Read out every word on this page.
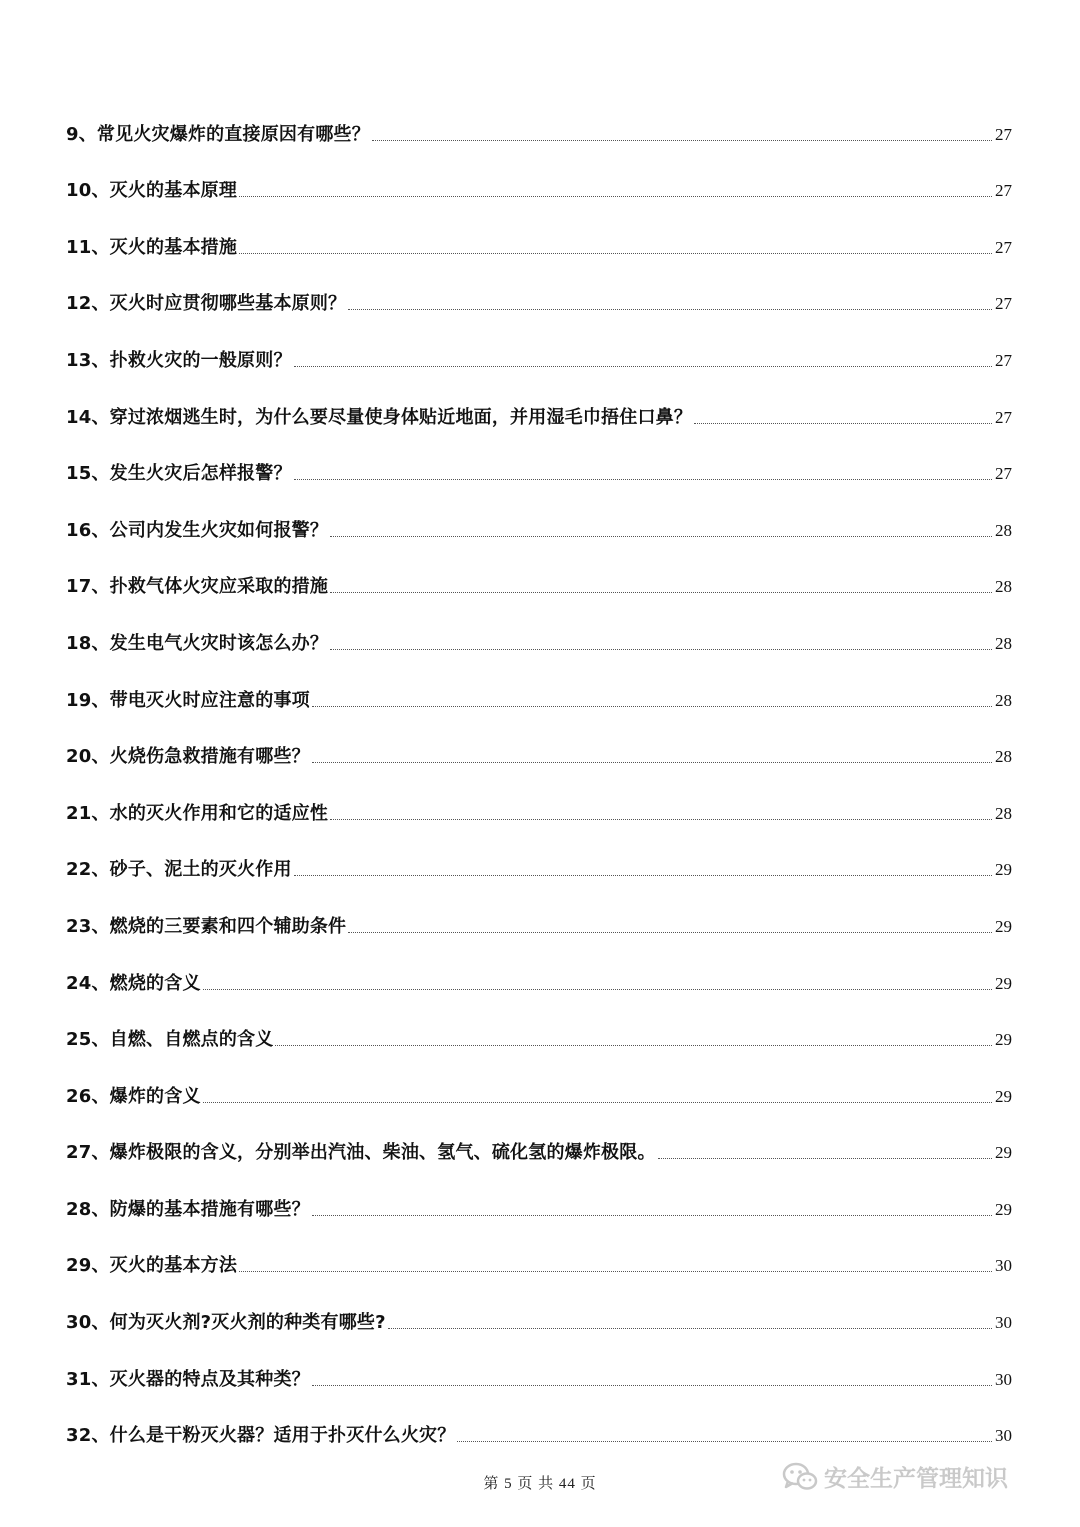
9、常见火灾爆炸的直接原因有哪些？	27
10、灭火的基本原理	27
11、灭火的基本措施	27
12、灭火时应贯彻哪些基本原则？	27
13、扑救火灾的一般原则？	27
14、穿过浓烟逃生时，为什么要尽量使身体贴近地面，并用湿毛巾捂住口鼻？	27
15、发生火灾后怎样报警？	27
16、公司内发生火灾如何报警？	28
17、扑救气体火灾应采取的措施	28
18、发生电气火灾时该怎么办？	28
19、带电灭火时应注意的事项	28
20、火烧伤急救措施有哪些？	28
21、水的灭火作用和它的适应性	28
22、砂子、泥土的灭火作用	29
23、燃烧的三要素和四个辅助条件	29
24、燃烧的含义	29
25、自燃、自燃点的含义	29
26、爆炸的含义	29
27、爆炸极限的含义，分别举出汽油、柴油、氢气、硫化氢的爆炸极限。	29
28、防爆的基本措施有哪些？	29
29、灭火的基本方法	30
30、何为灭火剂?灭火剂的种类有哪些?	30
31、灭火器的特点及其种类？	30
32、什么是干粉灭火器？适用于扑灭什么火灾？	30
第 5 页 共 44 页	安全生产管理知识
